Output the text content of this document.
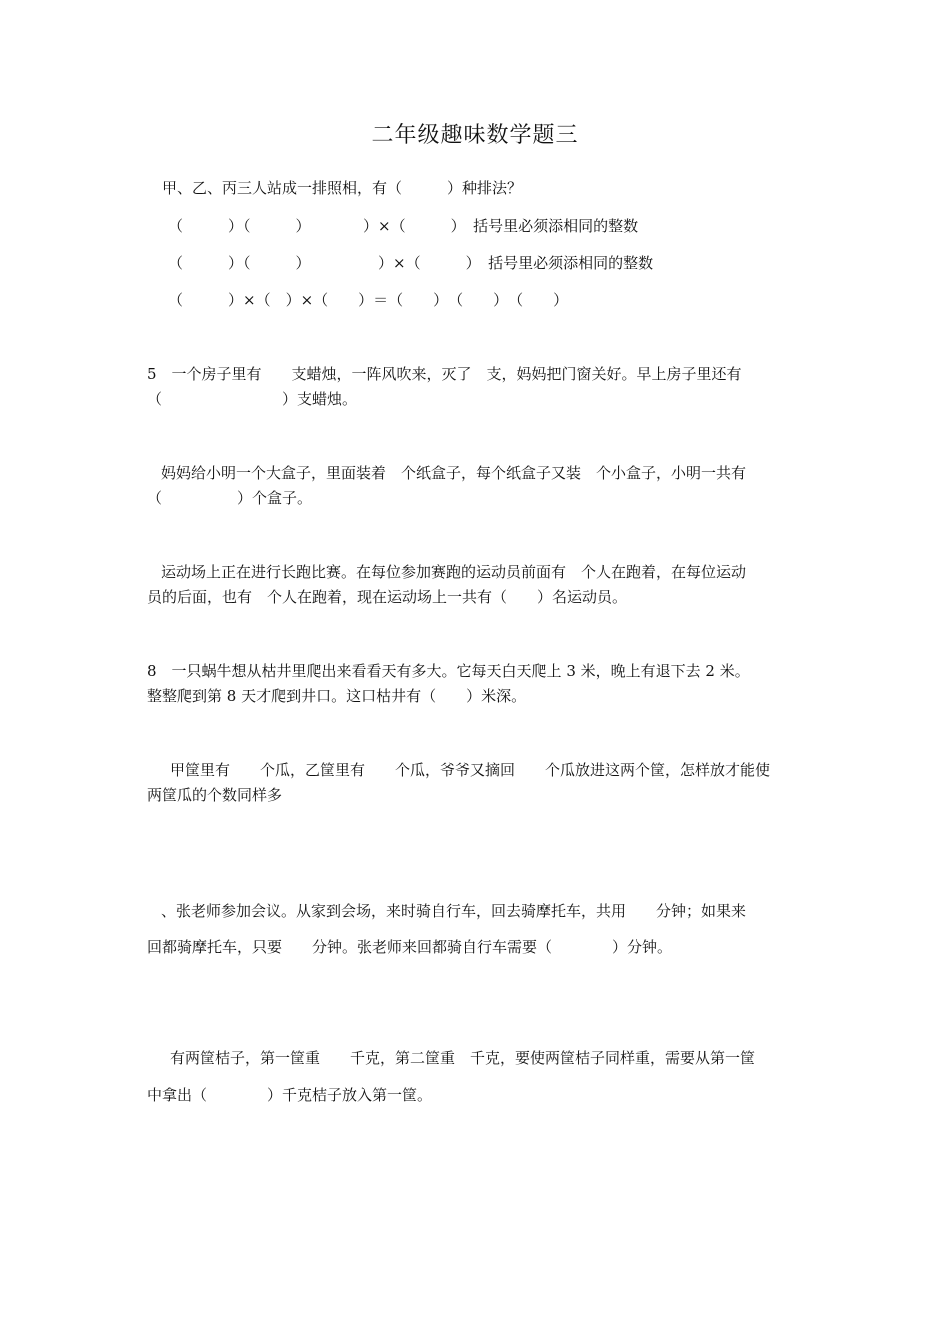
二年级趣味数学题三
甲、乙、丙三人站成一排照相，有（　　　）种排法？
（　　　）（　　　）　　　　）×（　　　）　括号里必须添相同的整数
（　　　）（　　　）　　　　　）×（　　　）　括号里必须添相同的整数
（　　　）×（　）×（　　）＝（　　）　（　　）　（　　）
5　一个房子里有　　支蜡烛，一阵风吹来，灭了　支，妈妈把门窗关好。早上房子里还有
（　　　　　　　　）支蜡烛。
妈妈给小明一个大盒子，里面装着　个纸盒子，每个纸盒子又装　个小盒子，小明一共有
（　　　　　）个盒子。
运动场上正在进行长跑比赛。在每位参加赛跑的运动员前面有　个人在跑着，在每位运动
员的后面，也有　个人在跑着，现在运动场上一共有（　　）名运动员。
8　一只蜗牛想从枯井里爬出来看看天有多大。它每天白天爬上 3 米，晚上有退下去 2 米。
整整爬到第 8 天才爬到井口。这口枯井有（　　）米深。
甲筐里有　　个瓜，乙筐里有　　个瓜，爷爷又摘回　　个瓜放进这两个筐，怎样放才能使
两筐瓜的个数同样多
、张老师参加会议。从家到会场，来时骑自行车，回去骑摩托车，共用　　分钟；如果来
回都骑摩托车，只要　　分钟。张老师来回都骑自行车需要（　　　　）分钟。
有两筐桔子，第一筐重　　千克，第二筐重　千克，要使两筐桔子同样重，需要从第一筐
中拿出（　　　　）千克桔子放入第一筐。
